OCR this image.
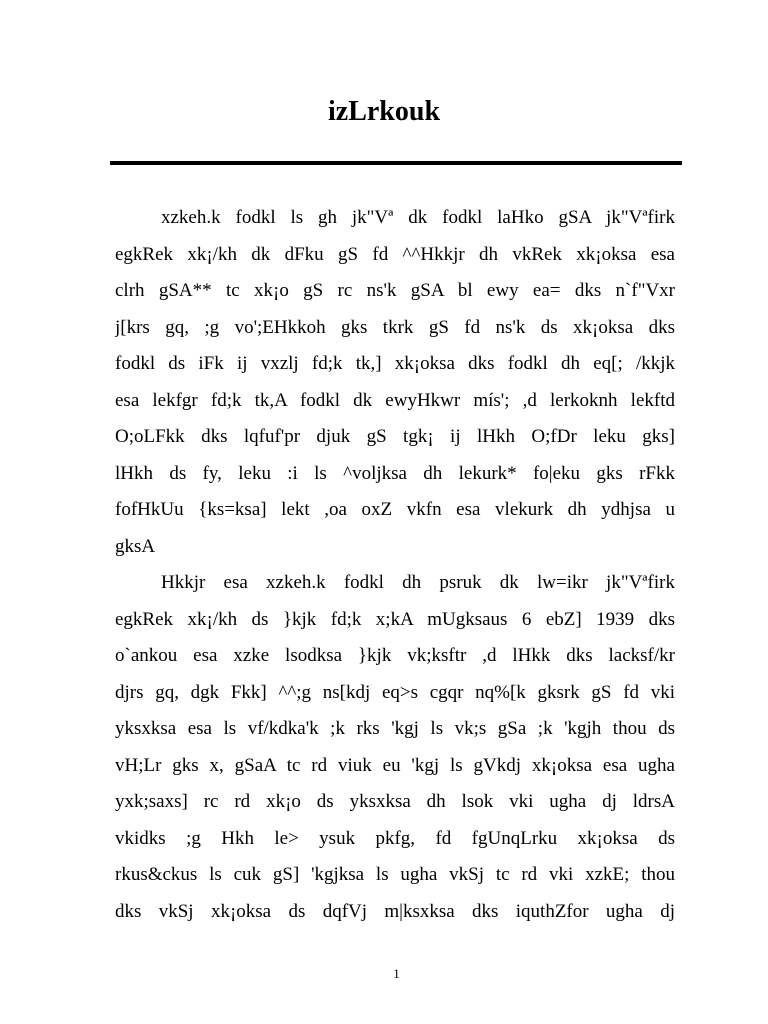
izLrkouk
xzkeh.k fodkl ls gh jk"Vª dk fodkl laHko gSA jk"Vªfirk
egkRek xk¡/kh dk dFku gS fd ^^Hkkjr dh vkRek xk¡oksa esa
clrh gSA** tc xk¡o gS rc ns'k gSA bl ewy ea= dks n`f"Vxr
j[krs gq, ;g vo';EHkkoh gks tkrk gS fd ns'k ds xk¡oksa dks
fodkl ds iFk ij vxzlj fd;k tk,] xk¡oksa dks fodkl dh eq[; /kkjk
esa lekfgr fd;k tk,A fodkl dk ewyHkwr mís'; ,d lerkoknh lekftd
O;oLFkk dks lqfuf'pr djuk gS tgk¡ ij lHkh O;fDr leku gks]
lHkh ds fy, leku :i ls ^voljksa dh lekurk* fo|eku gks rFkk
fofHkUu {ks=ksa] lekt ,oa oxZ vkfn esa vlekurk dh ydhjsa u
gksA
Hkkjr esa xzkeh.k fodkl dh psruk dk lw=ikr jk"Vªfirk
egkRek xk¡/kh ds }kjk fd;k x;kA mUgksaus 6 ebZ] 1939 dks
o`ankou esa xzke lsodksa }kjk vk;ksftr ,d lHkk dks lacksf/kr
djrs gq, dgk Fkk] ^^;g ns[kdj eq>s cgqr nq%[k gksrk gS fd vki
yksxksa esa ls vf/kdka'k ;k rks 'kgj ls vk;s gSa ;k 'kgjh thou ds
vH;Lr gks x, gSaA tc rd viuk eu 'kgj ls gVkdj xk¡oksa esa ugha
yxk;saxs] rc rd xk¡o ds yksxksa dh lsok vki ugha dj ldrsA
vkidks ;g Hkh le> ysuk pkfg, fd fgUnqLrku xk¡oksa ds
rkus&ckus ls cuk gS] 'kgjksa ls ugha vkSj tc rd vki xzkE; thou
dks vkSj xk¡oksa ds dqfVj m|ksxksa dks iquthZfor ugha dj
1
